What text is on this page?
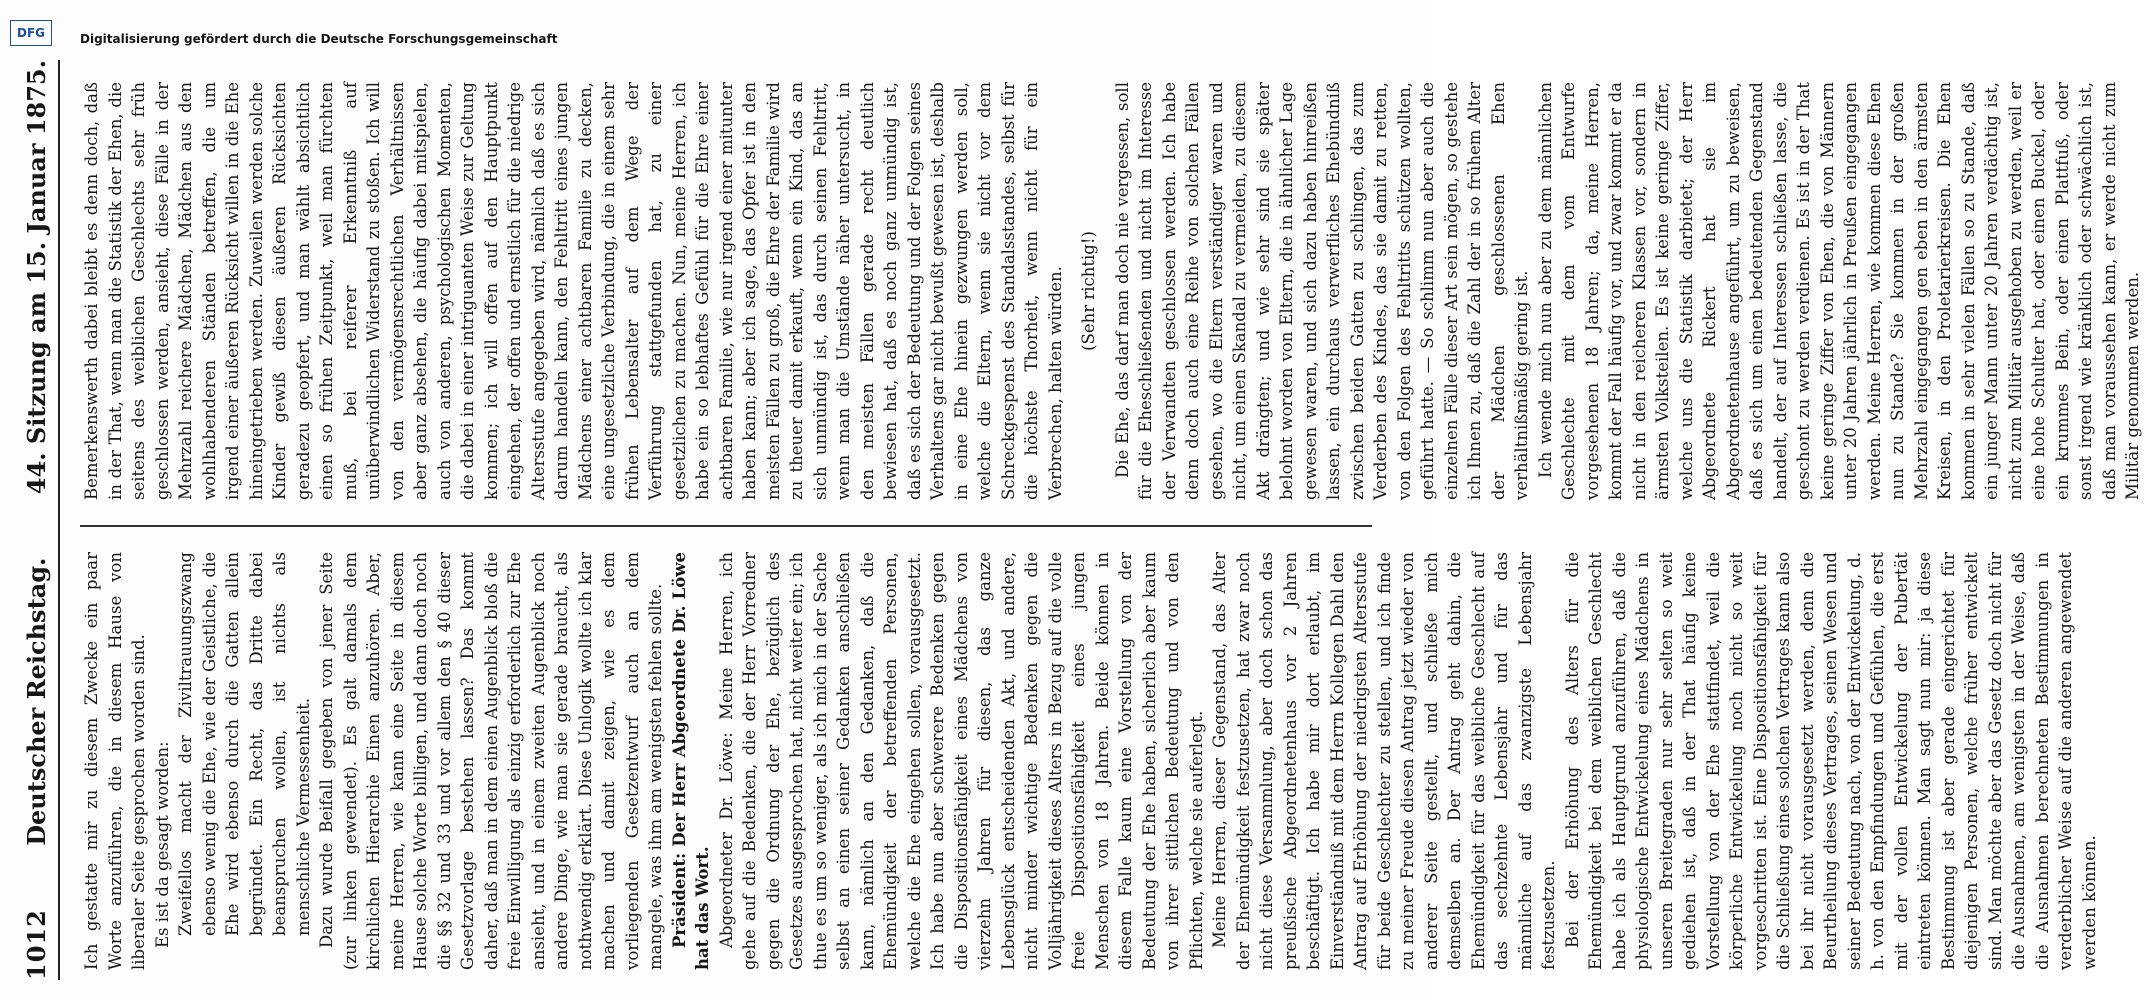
1012
Deutscher Reichstag.
44. Sitzung am 15. Januar 1875.

Ich gestatte mir zu diesem Zwecke ein paar Worte anzuführen, die in diesem Hause von liberaler Seite gesprochen worden sind. Es ist da gesagt worden: Zweifellos macht der Ziviltrauungszwang ebenso wenig die Ehe, wie der Geistliche, die Ehe wird ebenso durch die Gatten allein begründet. Ein Recht, das Dritte dabei beanspruchen wollen, ist nichts als menschliche Vermessenheit. Dazu wurde Beifall gegeben von jener Seite (zur linken gewendet). Es galt damals dem kirchlichen Hierarchie Einen anzuhören. Aber, meine Herren, wie kann eine Seite in diesem Hause solche Worte billigen, und dann doch noch die §§ 32 und 33 und vor allem den § 40 dieser Gesetzvorlage bestehen lassen? Das kommt daher, daß man in dem einen Augenblick bloß die freie Einwilligung als einzig erforderlich zur Ehe ansieht, und in einem zweiten Augenblick noch andere Dinge, wie man sie gerade braucht, als nothwendig erklärt. Diese Unlogik wollte ich klar machen und damit zeigen, wie es dem vorliegenden Gesetzentwurf auch an dem mangele, was ihm am wenigsten fehlen sollte. Präsident: Der Herr Abgeordnete Dr. Löwe hat das Wort. Abgeordneter Dr. Löwe: Meine Herren, ich gehe auf die Bedenken, die der Herr Vorredner gegen die Ordnung der Ehe, bezüglich des Gesetzes ausgesprochen hat, nicht weiter ein; ich thue es um so weniger, als ich mich in der Sache selbst an einen seiner Gedanken anschließen kann, nämlich an den Gedanken, daß die Ehemündigkeit der betreffenden Personen, welche die Ehe eingehen sollen, vorausgesetzt. Ich habe nun aber schwerere Bedenken gegen die Dispositionsfähigkeit eines Mädchens von vierzehn Jahren für diesen, das ganze Lebensglück entscheidenden Akt, und andere, nicht minder wichtige Bedenken gegen die Volljährigkeit dieses Alters in Bezug auf die volle freie Dispositionsfähigkeit eines jungen Menschen von 18 Jahren. Beide können in diesem Falle kaum eine Vorstellung von der Bedeutung der Ehe haben, sicherlich aber kaum von ihrer sittlichen Bedeutung und von den Pflichten, welche sie auferlegt. Meine Herren, dieser Gegenstand, das Alter der Ehemündigkeit festzusetzen, hat zwar noch nicht diese Versammlung, aber doch schon das preußische Abgeordnetenhaus vor 2 Jahren beschäftigt. Ich habe mir dort erlaubt, im Einverständniß mit dem Herrn Kollegen Dahl den Antrag auf Erhöhung der niedrigsten Altersstufe für beide Geschlechter zu stellen, und ich finde zu meiner Freude diesen Antrag jetzt wieder von anderer Seite gestellt, und schließe mich demselben an. Der Antrag geht dahin, die Ehemündigkeit für das weibliche Geschlecht auf das sechzehnte Lebensjahr und für das männliche auf das zwanzigste Lebensjahr festzusetzen. Bei der Erhöhung des Alters für die Ehemündigkeit bei dem weiblichen Geschlecht habe ich als Hauptgrund anzuführen, daß die physiologische Entwickelung eines Mädchens in unseren Breitegraden nur sehr selten so weit gediehen ist, daß in der That häufig keine Vorstellung von der Ehe stattfindet, weil die körperliche Entwickelung noch nicht so weit vorgeschritten ist. Eine Dispositionsfähigkeit für die Schließung eines solchen Vertrages kann also bei ihr nicht vorausgesetzt werden, denn die Beurtheilung dieses Vertrages, seinen Wesen und seiner Bedeutung nach, von der Entwickelung, d. h. von den Empfindungen und Gefühlen, die erst mit der vollen Entwickelung der Pubertät eintreten können. Man sagt nun mir: ja diese Bestimmung ist aber gerade eingerichtet für diejenigen Personen, welche früher entwickelt sind. Man möchte aber das Gesetz doch nicht für die Ausnahmen, am wenigsten in der Weise, daß die Ausnahmen berechneten Bestimmungen in verderblicher Weise auf die anderen angewendet werden können.

Bemerkenswerth dabei bleibt es denn doch, daß in der That, wenn man die Statistik der Ehen, die seitens des weiblichen Geschlechts sehr früh geschlossen werden, ansieht, diese Fälle in der Mehrzahl reichere Mädchen, Mädchen aus den wohlhabenderen Ständen betreffen, die um irgend einer äußeren Rücksicht willen in die Ehe hineingetrieben werden. Zuweilen werden solche Kinder gewiß diesen äußeren Rücksichten geradezu geopfert, und man wählt absichtlich einen so frühen Zeitpunkt, weil man fürchten muß, bei reiferer Erkenntniß auf unüberwindlichen Widerstand zu stoßen. Ich will von den vermögensrechtlichen Verhältnissen aber ganz absehen, die häufig dabei mitspielen, auch von anderen, psychologischen Momenten, die dabei in einer intriguanten Weise zur Geltung kommen; ich will offen auf den Hauptpunkt eingehen, der offen und ernstlich für die niedrige Altersstufe angegeben wird, nämlich daß es sich darum handeln kann, den Fehltritt eines jungen Mädchens einer achtbaren Familie zu decken, eine ungesetzliche Verbindung, die in einem sehr frühen Lebensalter auf dem Wege der Verführung stattgefunden hat, zu einer gesetzlichen zu machen. Nun, meine Herren, ich habe ein so lebhaftes Gefühl für die Ehre einer achtbaren Familie, wie nur irgend einer mitunter haben kann; aber ich sage, das Opfer ist in den meisten Fällen zu groß, die Ehre der Familie wird zu theuer damit erkauft, wenn ein Kind, das an sich unmündig ist, das durch seinen Fehltritt, wenn man die Umstände näher untersucht, in den meisten Fällen gerade recht deutlich bewiesen hat, daß es noch ganz unmündig ist, daß es sich der Bedeutung und der Folgen seines Verhaltens gar nicht bewußt gewesen ist, deshalb in eine Ehe hinein gezwungen werden soll, welche die Eltern, wenn sie nicht vor dem Schreckgespenst des Standalsstandes, selbst für die höchste Thorheit, wenn nicht für ein Verbrechen, halten würden. (Sehr richtig!) Die Ehe, das darf man doch nie vergessen, soll für die Eheschließenden und nicht im Interesse der Verwandten geschlossen werden. Ich habe denn doch auch eine Reihe von solchen Fällen gesehen, wo die Eltern verständiger waren und nicht, um einen Skandal zu vermeiden, zu diesem Akt drängten; und wie sehr sind sie später belohnt worden von Eltern, die in ähnlicher Lage gewesen waren, und sich dazu haben hinreißen lassen, ein durchaus verwerfliches Ehebündniß zwischen beiden Gatten zu schlingen, das zum Verderben des Kindes, das sie damit zu retten, von den Folgen des Fehltritts schützen wollten, geführt hatte. — So schlimm nun aber auch die einzelnen Fälle dieser Art sein mögen, so gestehe ich Ihnen zu, daß die Zahl der in so frühem Alter der Mädchen geschlossenen Ehen verhältnißmäßig gering ist. Ich wende mich nun aber zu dem männlichen Geschlechte mit dem vom Entwurfe vorgesehenen 18 Jahren; da, meine Herren, kommt der Fall häufig vor, und zwar kommt er da nicht in den reicheren Klassen vor, sondern in ärmsten Volksteilen. Es ist keine geringe Ziffer, welche uns die Statistik darbietet; der Herr Abgeordnete Rickert hat sie im Abgeordnetenhause angeführt, um zu beweisen, daß es sich um einen bedeutenden Gegenstand handelt, der auf Interessen schließen lasse, die geschont zu werden verdienen. Es ist in der That keine geringe Ziffer von Ehen, die von Männern unter 20 Jahren jährlich in Preußen eingegangen werden. Meine Herren, wie kommen diese Ehen nun zu Stande? Sie kommen in der großen Mehrzahl eingegangen gen eben in den ärmsten Kreisen, in den Proletarierkreisen. Die Ehen kommen in sehr vielen Fällen so zu Stande, daß ein junger Mann unter 20 Jahren verdächtig ist, nicht zum Militär ausgehoben zu werden, weil er eine hohe Schulter hat, oder einen Buckel, oder ein krummes Bein, oder einen Plattfuß, oder sonst irgend wie kränklich oder schwächlich ist, daß man voraussehen kann, er werde nicht zum Militär genommen werden.

Digitalisierung gefördert durch die Deutsche Forschungsgemeinschaft
DFG
